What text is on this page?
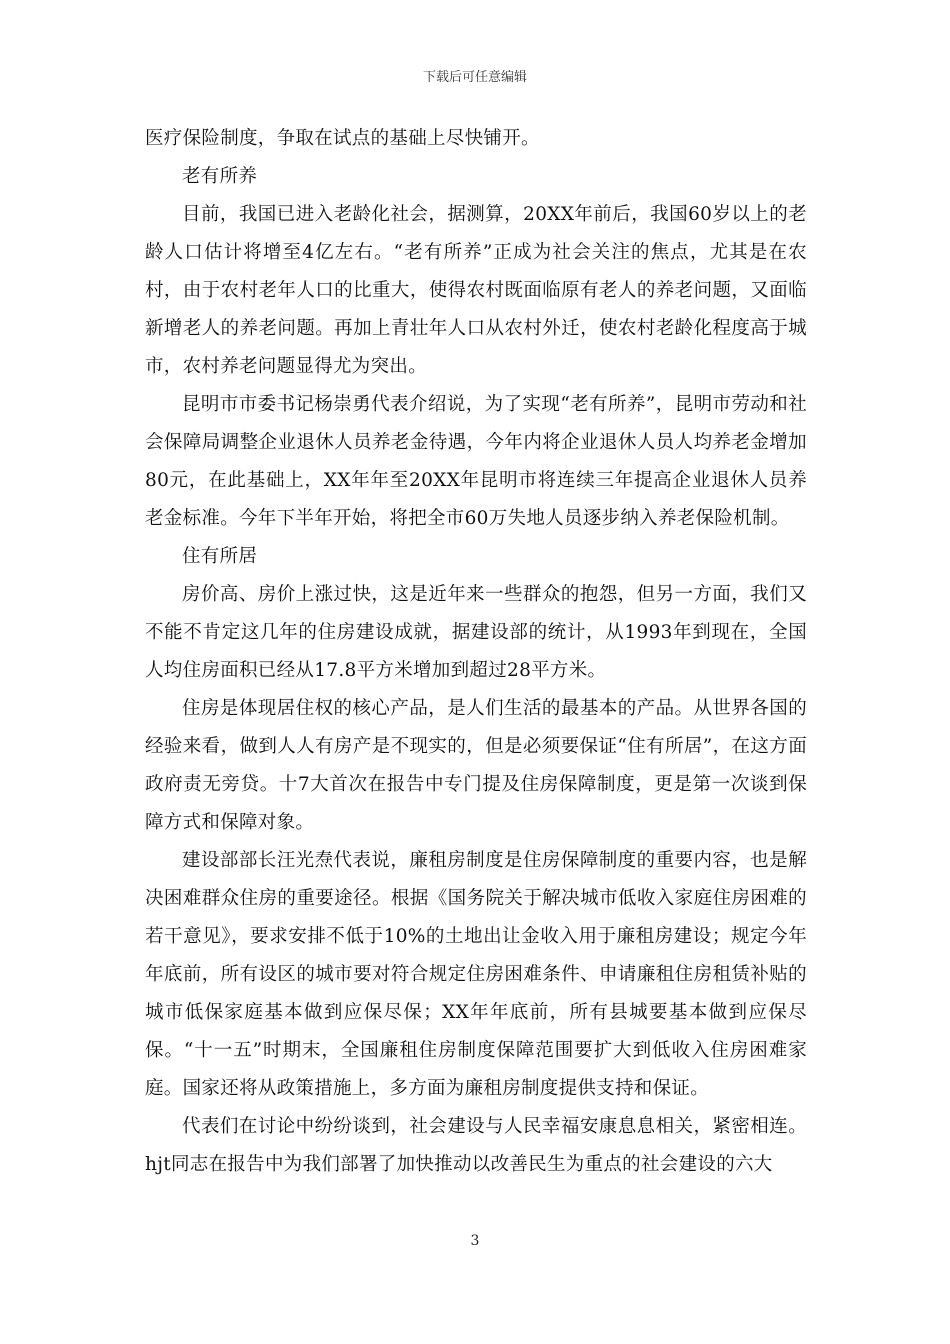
下载后可任意编辑

医疗保险制度，争取在试点的基础上尽快铺开。

老有所养

目前，我国已进入老龄化社会，据测算，20XX年前后，我国60岁以上的老龄人口估计将增至4亿左右。“老有所养”正成为社会关注的焦点，尤其是在农村，由于农村老年人口的比重大，使得农村既面临原有老人的养老问题，又面临新增老人的养老问题。再加上青壮年人口从农村外迁，使农村老龄化程度高于城市，农村养老问题显得尤为突出。

昆明市市委书记杨崇勇代表介绍说，为了实现“老有所养”，昆明市劳动和社会保障局调整企业退休人员养老金待遇，今年内将企业退休人员人均养老金增加80元，在此基础上，XX年年至20XX年昆明市将连续三年提高企业退休人员养老金标准。今年下半年开始，将把全市60万失地人员逐步纳入养老保险机制。

住有所居

房价高、房价上涨过快，这是近年来一些群众的抱怨，但另一方面，我们又不能不肯定这几年的住房建设成就，据建设部的统计，从1993年到现在，全国人均住房面积已经从17.8平方米增加到超过28平方米。

住房是体现居住权的核心产品，是人们生活的最基本的产品。从世界各国的经验来看，做到人人有房产是不现实的，但是必须要保证“住有所居”，在这方面政府责无旁贷。十7大首次在报告中专门提及住房保障制度，更是第一次谈到保障方式和保障对象。

建设部部长汪光焘代表说，廉租房制度是住房保障制度的重要内容，也是解决困难群众住房的重要途径。根据《国务院关于解决城市低收入家庭住房困难的若干意见》，要求安排不低于10%的土地出让金收入用于廉租房建设；规定今年年底前，所有设区的城市要对符合规定住房困难条件、申请廉租住房租赁补贴的城市低保家庭基本做到应保尽保；XX年年底前，所有县城要基本做到应保尽保。“十一五”时期末，全国廉租住房制度保障范围要扩大到低收入住房困难家庭。国家还将从政策措施上，多方面为廉租房制度提供支持和保证。

代表们在讨论中纷纷谈到，社会建设与人民幸福安康息息相关，紧密相连。hjt同志在报告中为我们部署了加快推动以改善民生为重点的社会建设的六大

3
